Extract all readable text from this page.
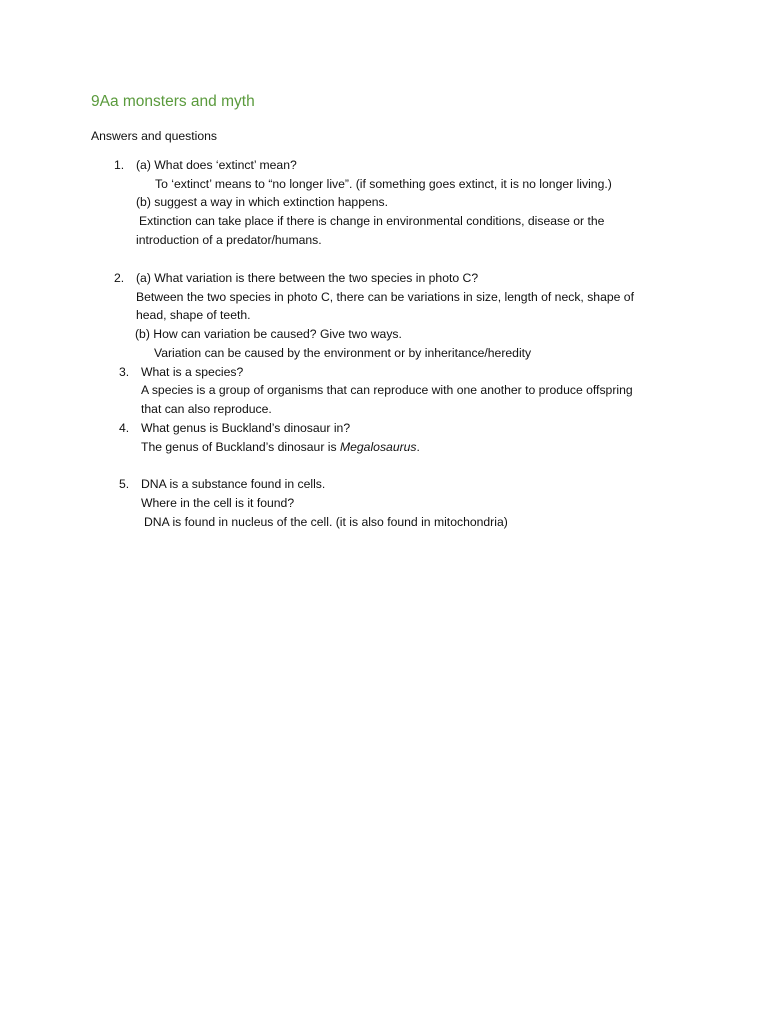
9Aa monsters and myth
Answers and questions
1. (a) What does ‘extinct’ mean?
To ‘extinct’ means to “no longer live”. (if something goes extinct, it is no longer living.)
(b) suggest a way in which extinction happens.
Extinction can take place if there is change in environmental conditions, disease or the
introduction of a predator/humans.
2. (a) What variation is there between the two species in photo C?
Between the two species in photo C, there can be variations in size, length of neck, shape of
head, shape of teeth.
(b) How can variation be caused? Give two ways.
Variation can be caused by the environment or by inheritance/heredity
3. What is a species?
A species is a group of organisms that can reproduce with one another to produce offspring
that can also reproduce.
4. What genus is Buckland’s dinosaur in?
The genus of Buckland’s dinosaur is Megalosaurus.
5. DNA is a substance found in cells.
Where in the cell is it found?
DNA is found in nucleus of the cell. (it is also found in mitochondria)
